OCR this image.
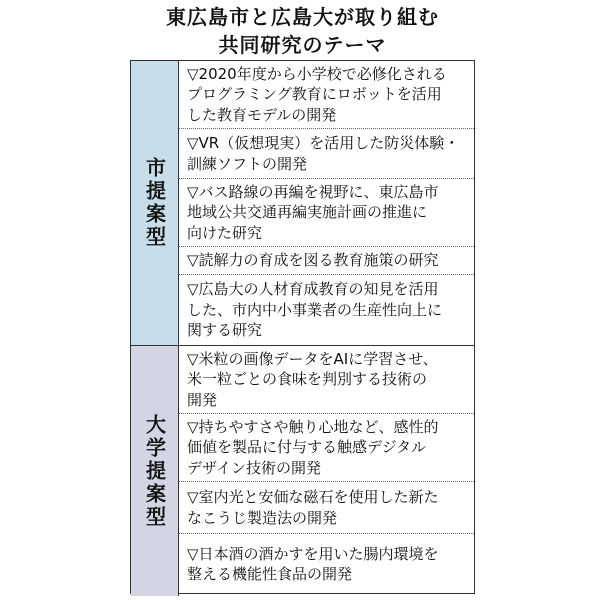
東広島市と広島大が取り組む
共同研究のテーマ
市提案型
▽2020年度から小学校で必修化される
プログラミング教育にロボットを活用
した教育モデルの開発
▽VR（仮想現実）を活用した防災体験・
訓練ソフトの開発
▽バス路線の再編を視野に、東広島市
地域公共交通再編実施計画の推進に
向けた研究
▽読解力の育成を図る教育施策の研究
▽広島大の人材育成教育の知見を活用
した、市内中小事業者の生産性向上に
関する研究
大学提案型
▽米粒の画像データをAIに学習させ、
米一粒ごとの食味を判別する技術の
開発
▽持ちやすさや触り心地など、感性的
価値を製品に付与する触感デジタル
デザイン技術の開発
▽室内光と安価な磁石を使用した新た
なこうじ製造法の開発
▽日本酒の酒かすを用いた腸内環境を
整える機能性食品の開発
